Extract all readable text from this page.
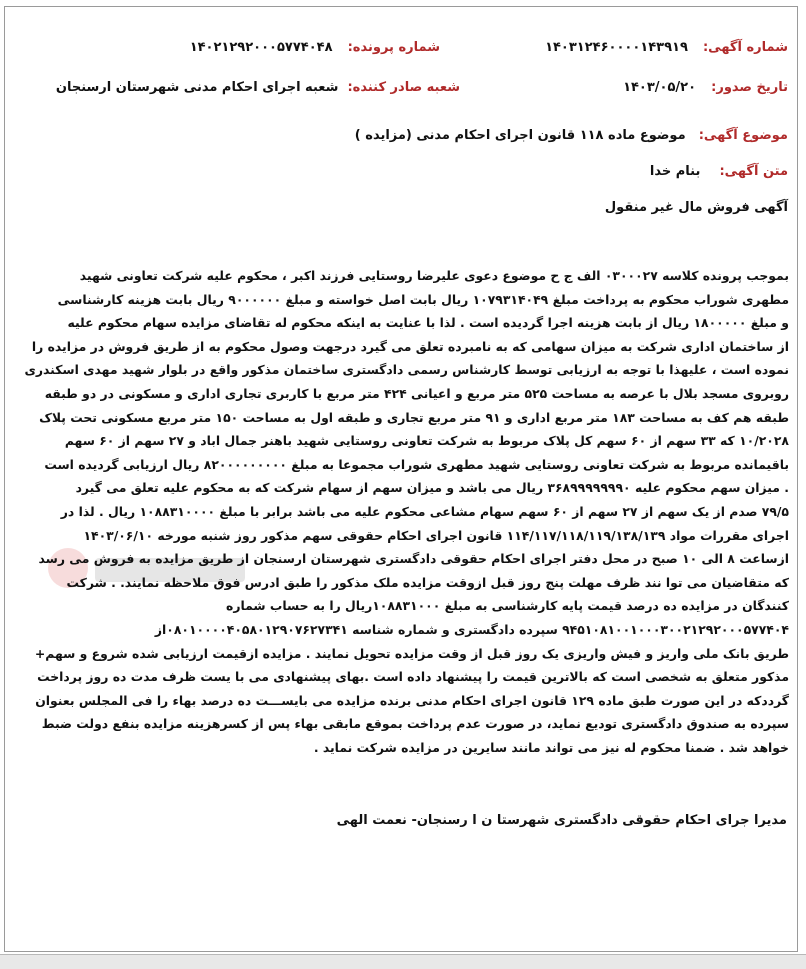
شماره آگهی: ۱۴۰۳۱۲۴۶۰۰۰۰۱۴۳۹۱۹
شماره پرونده: ۱۴۰۲۱۲۹۲۰۰۰۵۷۷۴۰۴۸
تاریخ صدور: ۱۴۰۳/۰۵/۲۰
شعبه صادر کننده: شعبه اجرای احکام مدنی شهرستان ارسنجان
موضوع آگهی: موضوع ماده ۱۱۸ قانون اجرای احکام مدنی (مزایده )
متن آگهی: بنام خدا
آگهی فروش مال غیر منقول
بموجب پرونده کلاسه ۰۳۰۰۰۲۷ الف ج ح موضوع دعوی علیرضا روستایی فرزند اکبر ، محکوم علیه شرکت تعاونی شهید
مطهری شوراب محکوم به پرداخت مبلغ ۱۰۷۹۳۱۴۰۴۹ ریال بابت اصل خواسته و مبلغ ۹۰۰۰۰۰۰ ریال بابت هزینه کارشناسی
و مبلغ ۱۸۰۰۰۰۰ ریال از بابت هزینه اجرا گردیده است . لذا با عنایت به اینکه محکوم له تقاضای مزایده سهام محکوم علیه
از ساختمان اداری شرکت به میزان سهامی که به نامبرده تعلق می گیرد درجهت وصول محکوم به از طریق فروش در مزایده را
نموده است ، علیهذا با توجه به ارزیابی توسط کارشناس رسمی دادگستری ساختمان مذکور واقع در بلوار شهید مهدی اسکندری
روبروی مسجد بلال با عرصه به مساحت ۵۲۵ متر مربع و اعیانی ۴۲۴ متر مربع با کاربری تجاری اداری و مسکونی در دو طبقه
طبقه هم کف به مساحت ۱۸۳ متر مربع اداری و ۹۱ متر مربع تجاری و طبقه اول به مساحت ۱۵۰ متر مربع مسکونی تحت پلاک
۱۰/۲۰۲۸ که ۳۳ سهم از ۶۰ سهم کل پلاک مربوط به شرکت تعاونی روستایی شهید باهنر جمال اباد و ۲۷ سهم از ۶۰ سهم
باقیمانده مربوط به شرکت تعاونی روستایی شهید مطهری شوراب مجموعا به مبلغ ۸۲۰۰۰۰۰۰۰۰۰ ریال ارزیابی گردیده است
. میزان سهم محکوم علیه ۳۶۸۹۹۹۹۹۹۹۰ ریال می باشد و میزان سهم از سهام شرکت که به محکوم علیه تعلق می گیرد
۷۹/۵ صدم از یک سهم از ۲۷ سهم از ۶۰ سهم سهام مشاعی محکوم علیه می باشد برابر با مبلغ ۱۰۸۸۳۱۰۰۰۰ ریال . لذا در
اجرای مقررات مواد ۱۱۴/۱۱۷/۱۱۸/۱۱۹/۱۳۸/۱۳۹ قانون اجرای احکام حقوقی سهم مذکور روز شنبه مورخه ۱۴۰۳/۰۶/۱۰
ازساعت ۸ الی ۱۰ صبح در محل دفتر اجرای احکام حقوقی دادگستری شهرستان ارسنجان از طریق مزایده به فروش می رسد
که متقاضیان می توا نند ظرف مهلت پنج روز قبل ازوقت مزایده ملک مذکور را طبق ادرس فوق ملاحظه نمایند. . شرکت
کنندگان در مزایده ده درصد قیمت پایه کارشناسی به مبلغ ۱۰۸۸۳۱۰۰۰ریال را به حساب شماره
۹۴۵۱۰۸۱۰۰۱۰۰۰۳۰۰۲۱۲۹۲۰۰۰۵۷۷۴۰۴ سپرده دادگستری و شماره شناسه ۰۸۰۱۰۰۰۰۴۰۵۸۰۱۲۹۰۷۶۲۷۳۴۱از
طریق بانک ملی واریز و فیش واریزی یک روز قبل از وقت مزایده تحویل نمایند . مزایده ازقیمت ارزیابی شده شروع و سهم+
مذکور متعلق به شخصی است که بالاترین قیمت را پیشنهاد داده است .بهای پیشنهادی می با یست ظرف مدت ده روز پرداخت
گرددکه در این صورت طبق ماده ۱۲۹ قانون اجرای احکام مدنی برنده مزایده می بایســـت ده درصد بهاء را فی المجلس بعنوان
سپرده به صندوق دادگستری تودیع نماید، در صورت عدم پرداخت بموقع مابقی بهاء پس از کسرهزینه مزایده بنفع دولت ضبط
خواهد شد . ضمنا محکوم له نیز می تواند مانند سایرین در مزایده شرکت نماید .
مدیرا جرای احکام حقوقی دادگستری شهرستا ن ا رسنجان- نعمت الهی
